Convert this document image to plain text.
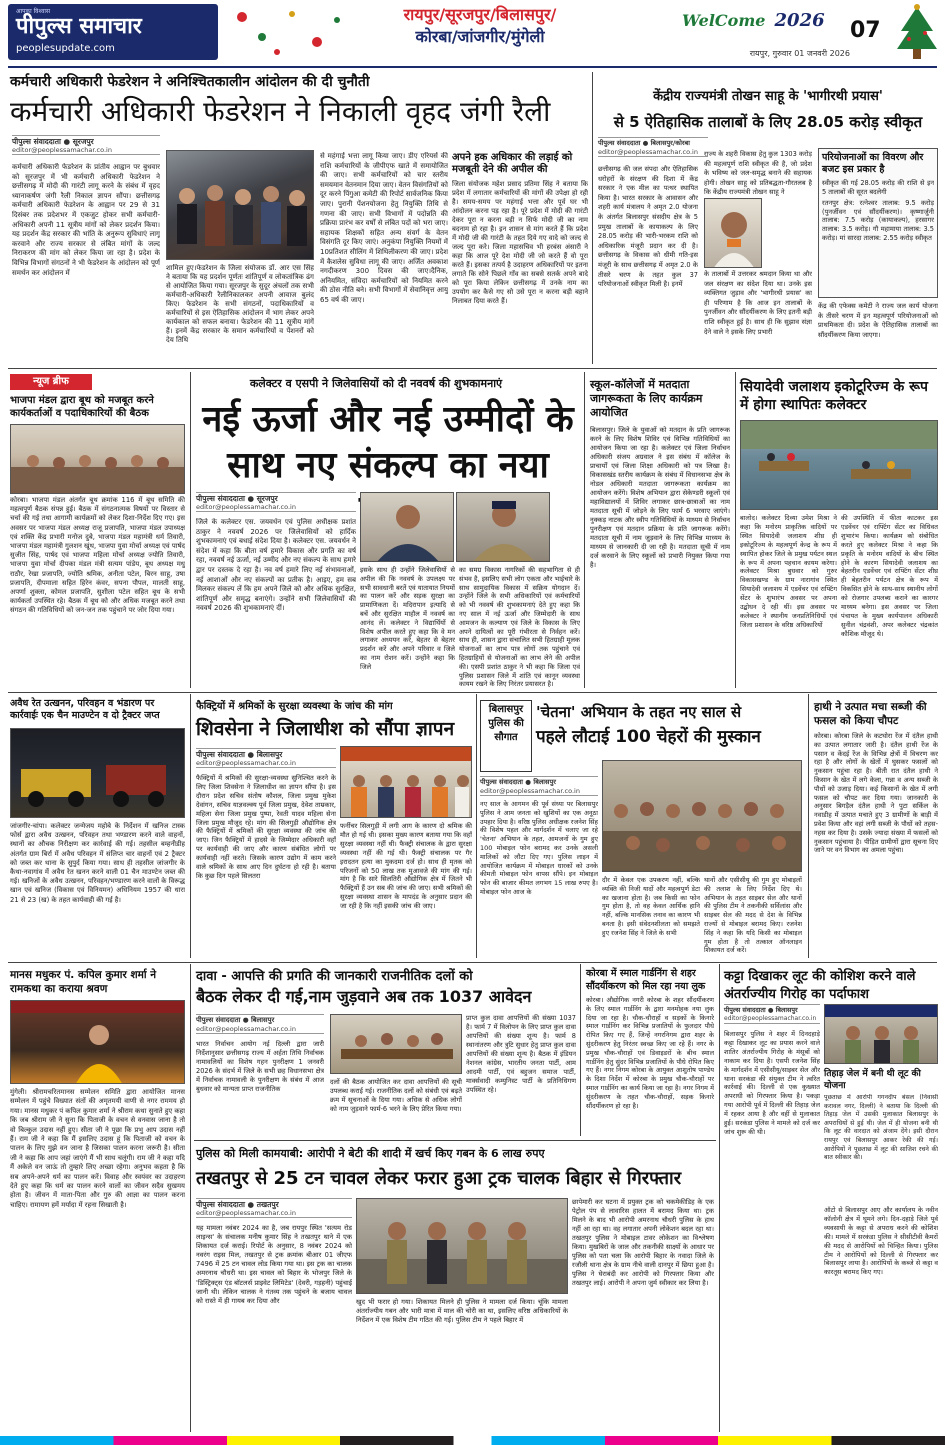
आपका विश्वास
पीपुल्स समाचार
peoplesupdate.com
रायपुर/सूरजपुर/बिलासपुर/
कोरबा/जांजगीर/मुंगेली
रायपुर, गुरुवार 01 जनवरी 2026
WelCome 2026	07
कर्मचारी अधिकारी फेडरेशन ने अनिश्चितकालीन आंदोलन की दी चुनौती
कर्मचारी अधिकारी फेडरेशन ने निकाली वृहद जंगी रैली
पीपुल्स संवाददाता ● सूरजपुर
editor@peoplessamachar.co.in
कर्मचारी अधिकारी फेडरेशन के प्रांतीय आह्वान पर बुधवार को सूरजपुर में भी कर्मचारी अधिकारी फेडरेशन ने छत्तीसगढ़ में मोदी की गारंटी लागू करने के संबंध में वृहद ध्यानाकर्षण जंगी रैली निकाल ज्ञापन सौंपा। छत्तीसगढ़ कर्मचारी अधिकारी फेडरेशन के आह्वान पर 29 से 31 दिसंबर तक प्रदेशभर में एकजुट होकर सभी कर्मचारी-अधिकारी अपनी 11 सूत्रीय मांगों को लेकर प्रदर्शन किया। यह प्रदर्शन केंद्र सरकार की भांति के अनुरूप सुविधाएं लागू करवाने और राज्य सरकार से लंबित मांगों के जल्द निराकरण की मांग को लेकर किया जा रहा है। प्रदेश के विभिन्न विभागों संगठनों ने भी फेडरेशन के आंदोलन को पूर्ण समर्थन कर आंदोलन में
शामिल हुए।फेडरेशन के जिला संयोजक डॉ. आर एस सिंह ने बताया कि यह प्रदर्शन पूर्णतः शांतिपूर्ण व लोकतांत्रिक ढंग से आयोजित किया गया। सूरजपुर के सुदूर अंचलों तक सभी कर्मचारी-अधिकारी रैलीनिकालकर अपनी आवाज बुलंद किए। फेडरेशन के सभी संगठनों, पदाधिकारियों व कर्मचारियों से इस ऐतिहासिक आंदोलन में भाग लेकर अपने कार्यकाल को सफल बनाया। फेडरेशन की 11 सूत्रीय मांगें हैं। इनमें केंद्र सरकार के समान कर्मचारियों व पेंशनरों को देय तिथि
से महंगाई भत्ता लागू किया जाए। डीए एरियर्स की राशि कर्मचारियों के जीपीएफ खाते में समायोजित की जाए। सभी कर्मचारियों को चार स्तरीय समयमान वेतनमान दिया जाए। वेतन विसंगतियों को दूर करने पिंगुआ कमेटी की रिपोर्ट सार्वजनिक किया जाए। पुरानी पेंशनयोजना हेतु नियुक्ति तिथि से गणना की जाए। सभी विभागों में पदोन्नति की प्रक्रिया प्रारंभ कर वर्षों से लंबित पदों को भरा जाए। सहायक शिक्षकों सहित अन्य संवर्ग के वेतन विसंगति दूर किए जाएं। अनुकंपा नियुक्ति नियमों में 10प्रतिशत सीलिंग में शिथिलीकरण की जाए। प्रदेश में कैशलेस सुविधा लागू की जाए। अर्जित अवकाश नगदीकरण 300 दिवस की जाए।दैनिक, अनियमित, संविदा कर्मचारियों को नियमित करने की ठोस नीति बने। सभी विभागों में सेवानिवृत्त आयु 65 वर्ष की जाए।
अपने हक अधिकार की लड़ाई को मजबूती देने की अपील की
जिला संयोजक महेश प्रसाद प्रतिमा सिंह ने बताया कि प्रदेश में लगातार कर्मचारियों की मांगों की उपेक्षा हो रही है। समय-समय पर महंगाई भत्ता और पूर्व घर भी आंदोलन करना पड़ रहा है। पूरे प्रदेश में मोदी की गारंटी देकर पूरा न करना बड़ी न सिर्फ मोदी जी का नाम बदनाम हो रहा है। इन शासन से मांग करते हैं कि प्रदेश में मोदी जी की गारंटी के तहत दिये गए वादे को जल्द से जल्द पूरा करे। जिला महासचिव भी हरबंस अंसारी ने कहा कि आज पूरे देश मोदी जी जो करते हैं वो पूरा करते हैं। इसका तत्पर्य है उदाहरण अधिकारियों पर इतना लगाते कि सोने पिछले गाँव का सबसे सतर्क अपने बादे को पूरा किया लेकिन छत्तीसगढ़ में उनके नाम का उपयोग कर कैसे गए सो उसे पूरा न करना बड़ी बहाने निलाबत दिया करते हैं।
केंद्रीय राज्यमंत्री तोखन साहू के 'भागीरथी प्रयास'
से 5 ऐतिहासिक तालाबों के लिए 28.05 करोड़ स्वीकृत
पीपुल्स संवाददाता ● बिलासपुर/कोरबा
editor@peoplessamachar.co.in
छत्तीसगढ़ की जल संपदा और ऐतिहासिक धरोहरों के संरक्षण की दिशा में केंद्र सरकार ने एक मील का पत्थर स्थापित किया है। भारत सरकार के आवासन और शहरी कार्य मंत्रालय ने अमृत 2.0 योजना के अंतर्गत बिलासपुर संसदीय क्षेत्र के 5 प्रमुख तालाबों के कायाकल्प के लिए 28.05 करोड़ की भारी-भरकम राशि को अधिकारिक मंजूरी प्रदान कर दी है।छत्तीसगढ़ के विकास को धीमी गति-इस मंजूरी के साथ छत्तीसगढ़ में अमृत 2.0 के तीसरे चरण के तहत कुल 37 परियोजनाओं स्वीकृत मिली है। इनमें
राज्य के शहरी विकास हेतु कुल 1303 करोड़ की महत्वपूर्ण राशि स्वीकृत की है, जो प्रदेश के भविष्य को जल-समृद्ध बनाने की सहायक होगी। तोखन साहू को प्रतिबद्धता-गौरतलब है कि केंद्रीय राज्यमंत्री तोखन साहू ने
के तालाबों में उत्तरकर श्रमदान किया था और जल संरक्षण का संदेश दिया था। उनके इस व्यक्तिगत जुड़ाव और 'भागीरथी प्रयास' का ही परिणाम है कि आज इन तालाबों के पुनर्जीवन और सौंदर्यीकरण के लिए इतनी बड़ी राशि स्वीकृत हुई है। साथ ही कि सुझाव संज्ञा देने वाले ने इसके लिए प्रभारी
परियोजनाओं का विवरण और बजट इस प्रकार है
स्वीकृत की गई 28.05 करोड़ की राशि से इन 5 तालाबों की सूरत बदलेगी
रतनपुर क्षेत्र: रत्नेश्वर तालाब: 9.5 करोड़ (पुनर्जीवन एवं सौंदर्यीकरण)। कृष्णार्जुनी तालाब: 7.5 करोड़ (कायाकल्प), हरसागर तालाब: 3.5 करोड़। गौ महामाया तालाब: 3.5 करोड़। मां सारदा तालाब: 2.55 करोड़ स्वीकृत
केंद्र की एफेक्स कमेटी ने राज्य जल कार्य योजना के तीसरे चरण में इन महत्वपूर्ण परियोजनाओं को प्राथमिकता दी। प्रदेश के ऐतिहासिक तालाबों का सौंदर्यीकरण किया जाएगा।
न्यूज ब्रीफ
भाजपा मंडल द्वारा बूथ को मजबूत करने कार्यकर्ताओं व पदाधिकारियों की बैठक
कोरबा। भाजपा मंडल अंतर्गत बूथ क्रमांक 116 में बूथ समिति की महत्वपूर्ण बैठक संपन्न हुई। बैठक में संगठनात्मक विषयों पर विस्तार से चर्चा की गई तथा आगामी कार्यक्रमों को लेकर दिशा-निर्देश दिए गए। इस अवसर पर भाजपा मंडल अध्यक्ष राजू प्रजापति, भाजपा मंडल उपाध्यक्ष एवं शक्ति केंद्र प्रभारी मनोज दुबे, भाजपा मंडल महामंत्री धर्म तिवारी, भाजपा मंडल महामंत्री गुलशन खूंथ, भाजपा युवा मोर्चा अध्यक्ष एवं पार्षद सुजीत सिंह, पार्षद एवं भाजपा महिला मोर्चा अध्यक्ष ज्योति तिवारी, भाजपा युवा मोर्चा दीपका मंडल मंत्री सत्यम पांडेय, बूथ अध्यक्ष मधु राठौर, रेखा प्रजापति, ज्योति श्रमिक, अनीता पटेल, बिरन साहू, उषा प्रजापति, दीपमाला सहित हिरेन कंवर, सपना पौपल, मालती साहू, अपर्णा शुक्ला, कोमल प्रजापति, सुशीला पटेल सहित बूथ के सभी कार्यकर्ता उपस्थित रहे। बैठक में बूथ को और अधिक मजबूत करने तथा संगठन की गतिविधियों को जन-जन तक पहुंचाने पर जोर दिया गया।
कलेक्टर व एसपी ने जिलेवासियों को दी नववर्ष की शुभकामनाएं
नई ऊर्जा और नई उम्मीदों के
साथ नए संकल्प का नया
पीपुल्स संवाददाता ● सूरजपुर
editor@peoplessamachar.co.in
जिले के कलेक्टर एस. जयवर्धन एवं पुलिस अधीक्षक प्रशांत ठाकुर ने नववर्ष 2026 पर जिलेवासियों को हार्दिक शुभकामनाएं एवं बधाई संदेश दिया है। कलेक्टर एस. जयवर्धन ने संदेश में कहा कि बीता वर्ष हमारे विकास और प्रगति का वर्ष रहा, नववर्ष नई ऊर्जा, नई उम्मीद और नए संकल्प के साथ हमारे द्वार पर दस्तक दे रहा है। नव वर्ष हमारे लिए नई संभावनाओं, नई आशाओं और नए संकल्पों का प्रतीक है। आइए, हम सब मिलकर संकल्प लें कि हम अपने जिले को और अधिक सुरक्षित, शांतिपूर्ण और समृद्ध बनाएंगे। उन्होंने सभी जिलेवासियों की नववर्ष 2026 की शुभकामनाएं दीं।
इसके साथ ही उन्होंने जिलेवासियों से अपील की कि नववर्ष के उपलक्ष्य पर सभी सावधानी बरतें एवं यातायात नियमों का पालन करें और सड़क सुरक्षा का प्रामाणिकता दें। मदिरापान इत्यादि से बचें और सुरक्षित माहौल में नववर्ष का आनंद लें। कलेक्टर ने विद्यार्थियों से विशेष अपील करते हुए कहा कि वे मन लगाकर अध्ययन करें, बेहतर से बेहतर प्रदर्शन करें और अपने परिवार व जिले का नाम रोशन करें। उन्होंने कहा कि जिले
का समग्र विकास नागरिकों की सहभागिता से ही संभव है, इसलिए सभी लोग एकता और भाईचारे के साथ सामुदायिक विकास में सक्रिय योगदान दें।उन्होंने जिले के सभी अधिकारियों एवं कर्मचारियों को भी नववर्ष की शुभकामनाएं देते हुए कहा कि नए साल में नई ऊर्जा और जिम्मेदारी के साथ आमजन के कल्याण एवं जिले के विकास के लिए अपने दायित्वों का पूरी गंभीरता से निर्वहन करें। साथ ही, शासन द्वारा संचालित सभी हितग्राही मूलक योजनाओं का लाभ पात्र लोगों तक पहुंचाने एवं हितग्राहियों से योजनाओं का लाभ लेने की अपील की। एसपी प्रशांत ठाकुर ने भी कहा कि जिला एवं पुलिस प्रशासन जिले में शांति एवं कानून व्यवस्था कायम रखने के लिए निरंतर प्रयासरत है।
स्कूल-कॉलेजों में मतदाता जागरूकता के लिए कार्यक्रम आयोजित
बिलासपुर। जिले के युवाओं को मतदान के प्रति जागरूक करने के लिए विशेष शिविर एवं विभिन्न गतिविधियों का आयोजन किया जा रहा है। कलेक्टर एवं जिला निर्वाचन अधिकारी संजय अग्रवाल ने इस संबंध में कॉलेज के प्राचार्यों एवं जिला शिक्षा अधिकारी को पत्र लिखा है। विकासखंड स्तरीय कार्यक्रम के संबंध में विधानसभा क्षेत्र के नोडल अधिकारी मतदाता जागरूकता कार्यक्रम का आयोजन करेंगे। विशेष अभियान द्वारा सेकेण्डरी स्कूलों एवं महाविद्यालयों में शिविर लगाकर छात्र-छात्राओं का नाम मतदाता सूची में जोड़ने के लिए फार्म 6 भरवाए जाएंगे। नुक्कड़ नाटक और स्वीप गतिविधियों के माध्यम से निर्वाचन पुनरीक्षण एवं मतदान प्रक्रिया के प्रति जागरूक करेंगे। मतदाता सूची में नाम जुड़वाने के लिए विभिन्न माध्यम के माध्यम से जानकारी दी जा रही है। मतदाता सूची में नाम दर्ज करवाने के लिए स्कूलों को प्रभारी नियुक्त किया गया है।
सियादेवी जलाशय इकोटूरिज्म के रूप में होगा स्थापितः कलेक्टर
बालोद। कलेक्टर दिव्या उमेश मिश्रा ने कहा कि मनोरम प्राकृतिक वादियों पर स्थित सियादेवी जलाशय शीघ्र ही इकोटूरिज्म के महत्वपूर्ण केन्द्र के रूप में स्थापित होकर जिले के प्रमुख पर्यटन स्थल के रूप में अपना पहचान कायम करेगा। कलेक्टर मिश्रा बुधवार को गुरुर विकासखण्ड के ग्राम नारागांव स्थित सियादेवी जलाशय में एडवेंचर एवं राफ्टिंग सेंटर के शुभारंभ अवसर पर अपना उद्बोधन दे रही थीं। इस अवसर पर कलेक्टर ने स्थानीय जनप्रतिनिधियों एवं जिला प्रशासन के वरिष्ठ अधिकारियों
की उपस्थिति में फीता काटकर इस एडवेंचर एवं राफ्टिंग सेंटर का विधिवत शुभारंभ किया। कार्यक्रम को संबोधित करते हुए कलेक्टर मिश्रा ने कहा कि प्रकृति के मनोरम वादियों के बीच स्थित होने के कारण सियादेवी जलाशय का बेहतरीन एडवेंचर एवं राफ्टिंग सेंटर शीघ्र ही बेहतरीन पर्यटन क्षेत्र के रूप में विकसित होने के साथ-साथ स्थानीय लोगों को रोजगार उपलब्ध कराने का कारगर माध्यम बनेगा। इस अवसर पर जिला पंचायत के मुख्य कार्यपालन अधिकारी सुनील चंद्रवंशी, अपर कलेक्टर चंद्रकांत कौशिक मौजूद थे।
अवैध रेत उत्खनन, परिवहन व भंडारण पर कार्रवाईः एक चैन माउण्टेन व दो ट्रैक्टर जप्त
जांजगीर-चांपा। कलेक्टर जन्मेजय महोबे के निर्देशन में खनिज टास्क फोर्स द्वारा अवैध उत्खनन, परिवहन तथा भण्डारण करने वाले वाहनों, स्थानों का औचक निरीक्षण कर कार्रवाई की गई। तहसील बम्हनीडीह अंतर्गत ग्राम बिर्रा में अवैध परिवहन में संलिप्त चार वाहनों एवं 2 ट्रैक्टर को जब्त कर थाना के सुपुर्द किया गया। साथ ही तहसील जांजगीर के कैथा-नवागांव में अवैध रेत खनन करने वाली 01 चैन माउण्टेन जब्त की गई। खनिजों के अवैध उत्खनन, परिवहन/भण्डारण करने वालों के विरूद्ध खान एवं खनिज (विकास एवं विनियमन) अधिनियम 1957 की धारा 21 से 23 (ख) के तहत कार्यवाही की गई है।
फैक्ट्रियों में श्रमिकों के सुरक्षा व्यवस्था के जांच की मांग
शिवसेना ने जिलाधीश को सौंपा ज्ञापन
पीपुल्स संवाददाता ● बिलासपुर
editor@peoplessamachar.co.in
फैक्ट्रियों में श्रमिकों की सुरक्षा-व्यवस्था सुनिश्चित करने के लिए जिला शिवसेना ने जिलाधीश का ज्ञापन सौंपा है। इस दौरान प्रदेश सचिव संतोष कौशल, जिला प्रमुख मुकेश देवांगन, सचिव याज्ञवल्क्य पूर्व जिला प्रमुख, देवेश ताम्रकार, महिला सेना जिला प्रमुख पुष्पा, रेवती यादव महिला सेना जिला प्रमुख मौजूद रहे। मांग की सिलगुड़ी औद्योगिक क्षेत्र की फैक्ट्रियों में श्रमिकों की सुरक्षा व्यवस्था की जांच की जाए। जिन फैक्ट्रियों में हादसे के जिम्मेदार अधिकारी वहाँ पर कार्यवाही की जाए और कारण संबंधित लोगों पर कार्यवाही नहीं करते। जिसके कारण उद्योग में काम करने वाले श्रमिकों के साथ आए दिन दुर्घटना हो रही है। बताया कि कुछ दिन पहले सिलतरा
फर्नीचर सिलगुड़ी में लगी आग के कारण दो श्रमिक की मौत हो गई थी। इसका मुख्य कारण बताया गया कि वहाँ सुरक्षा व्यवस्था नहीं थी। फैक्ट्री संचालक के द्वारा सुरक्षा व्यवस्था नहीं की गई थी। फैक्ट्री संचालक पर गैर इरादतन हत्या का मुकदमा दर्ज हो। साथ ही मृतक को परिजनों को 50 लाख तक मुआवजे की मांग की गई। मांग है कि सारे सिलतिरी औद्योगिक क्षेत्र में जितने भी फैक्ट्रियों हैं उन सब की जांच की जाए। सभी श्रमिकों की सुरक्षा व्यवस्था शासन के मापदंड के अनुसार प्रदान की जा रही है कि नहीं इसकी जांच की जाए।
बिलासपुर पुलिस की सौगात
'चेतना' अभियान के तहत नए साल से
पहले लौटाई 100 चेहरों की मुस्कान
पीपुल्स संवाददाता ● बिलासपुर
editor@peoplessamachar.co.in
नए साल के आगमन की पूर्व संध्या पर बिलासपुर पुलिस ने आम जनता को खुशियों का एक अनूठा उपहार दिया है। वरिष्ठ पुलिस अधीक्षक रजनेश सिंह की विशेष पहल और मार्गदर्शन में चलाए जा रहे 'चेतना' अभियान के तहत, आमजनों के गुम हुए 100 मोबाइल फोन बरामद कर उनके असली मालिकों को लौटा दिए गए। पुलिस लाइन में आयोजित कार्यक्रम में मोबाइल धारकों को उनके कीमती मोबाइल फोन वापस सौंपे। इन मोबाइल फोन की बाजार कीमत लगभग 15 लाख रुपए है। मोबाइल फोन आज के
दौर में केवल एक उपकरण नहीं, बल्कि व्यक्ति की निजी यादों और महत्वपूर्ण डेटा का खजाना होता है। जब किसी का फोन गुम होता है, तो वह केवल आर्थिक हानि नहीं, बल्कि मानसिक तनाव का कारण भी बनता है। इसी संवेदनशीलता को समझते हुए रजनेश सिंह ने जिले के सभी
थानों और एसीसीयू की गुम हुए मोबाइलों की तलाश के लिए निर्देश दिए थे। अभियान के तहत साइबर सेल और थानों की पुलिस टीम ने तकनीकी सर्विलांस और साइबर सेल की मदद से देश के विभिन्न राज्यों से मोबाइल बरामद किए। रजनेश सिंह ने कहा कि यदि किसी का मोबाइल गुम होता है तो तत्काल ऑनलाइन शिकायत दर्ज करें।
हाथी ने उत्पात मचा सब्जी की फसल को किया चौपट
कोरबा। कोरबा जिले के कटघोरा रेंज में दंतैल हाथी का उत्पात लगातार जारी है। दंतैल हाथी रेंज के पसान व केंदई रेंज के विभिन्न क्षेत्रों में विचरण कर रहा है और लोगों के खेतों में घुसकर फसलों को नुकसान पहुंचा रहा है। बीती रात दंतैल हाथी ने किसान के खेत में लगे केला, गन्ना व अन्य सब्जी के पौधों को उजाड़ दिया। कई किसानों के खेत में लगी फसल को चौपट कर दिया गया। जानकारी के अनुसार बिगड़ैल दंतैल हाथी ने पुटा सर्किल के नवाडीह में उत्पात मचाते हुए 3 ग्रामीणों के बाड़ी में प्रवेश किया और वहां लगी सब्जी के पौधों को तहस-नहस कर दिया है। उसके ज्यादा संख्या में फसलों को नुकसान पहुंचाया है। पीड़ित ग्रामीणों द्वारा सूचना दिए जाने पर वन विभाग का अमला पहुंचा।
मानस मधुकर पं. कपिल कुमार शर्मा ने रामकथा का कराया श्रवण
मुंगेली। श्रीरामचरितमानस सम्मेलन समिति द्वारा आयोजित मानस सम्मेलन में पहुंचे विख्यात संतों की अमृतमयी वाणी से नगर राममय हो गया। मानस मधुकर पं कपिल कुमार शर्मा ने श्रीराम कथा सुनाते हुए कहा कि जब श्रीराम जी ने सुना कि पिताजी के वचन से वनवास जाना है तो वो बिल्कुल उदास नहीं हुए। सीता जी ने पूछा कि प्रभु आप उदास नहीं हैं। राम जी ने कहा कि मैं इसलिए उदास हूं कि पिताजी को वचन के पालन के लिए मुझे वन जाना है जिसका पालन करना जरूरी है। सीता जी ने कहा कि आप जहां जाएंगे मैं भी साथ चलूंगी। राम जी ने कहा यदि मैं अकेले वन जाऊं तो तुम्हारे लिए अच्छा रहेगा। अनुभव कहता है कि सब अपने-अपने धर्म का पालन करें। विवाह और स्वयंवर का उदाहरण देते हुए कहा कि धर्म का पालन करने वालों का जीवन सदैव सुखमय होता है। जीवन में माता-पिता और गुरु की आज्ञा का पालन करना चाहिए। रामायण हमें मर्यादा में रहना सिखाती है।
दावा - आपत्ति की प्रगति की जानकारी राजनीतिक दलों को
बैठक लेकर दी गई,नाम जुड़वाने अब तक 1037 आवेदन
पीपुल्स संवाददाता ● बिलासपुर
editor@peoplessamachar.co.in
भारत निर्वाचन आयोग नई दिल्ली द्वारा जारी निर्देशानुसार छत्तीसगढ़ राज्य में अर्हता तिथि निर्वाचक नामावलियों का विशेष गहन पुनरीक्षण 1 जनवरी 2026 के संदर्भ में जिले के सभी छह विधानसभा क्षेत्र में निर्वाचक नामावली के पुनरीक्षण के संबंध में आज बुधवार को मान्यता प्राप्त राजनीतिक
दलों की बैठक आयोजित कर दावा आपत्तियों की सूची उपलब्ध कराई गई। राजनीतिक दलों को संबंधी एवं बढ़ते क्रम में सूचनाओं के दिया गया। अधिक से अधिक लोगों को नाम जुड़वाने फार्म-6 भरने के लिए प्रेरित किया गया।
प्राप्त कुल दावा आपत्तियों की संख्या 1037 है। फार्म 7 में विलोपन के लिए प्राप्त कुल दावा आपत्तियों की संख्या शून्य है। फार्म 8 स्थानांतरण और त्रुटि सुधार हेतु प्राप्त कुल दावा आपत्तियों की संख्या शून्य है। बैठक में इंडियन नेशनल कांग्रेस, भारतीय जनता पार्टी, आम आदमी पार्टी, एवं बहुजन समाज पार्टी, मार्क्सवादी कम्युनिस्ट पार्टी के प्रतिनिधिगण उपस्थित रहे।
कोरबा में स्माल गार्डनिंग से शहर सौंदर्यीकरण को मिल रहा नया लुक
कोरबा। औद्योगिक नगरी कोरबा के शहर सौंदर्यीकरण के लिए स्माल गार्डनिंग के द्वारा मनमोहक नया लुक दिया जा रहा है। चौक-चौराहों व सड़कों के किनारे स्माल गार्डनिंग कर विभिन्न प्रजातियों के फुलदार पौधे रोपित किए गए हैं, जिन्हें नगरनिगम द्वारा शहर के सुंदरीकरण हेतु निरंतर स्वच्छ किए जा रहे हैं। नगर के प्रमुख चौक-चौराहों एवं डिवाइडरों के बीच स्माल गार्डनिंग हेतु सुंदर विभिन्न प्रजातियों के पौधे रोपित किए गए हैं। नगर निगम कोरबा के आयुक्त आशुतोष पाण्डेय के दिशा निर्देश में कोरबा के प्रमुख चौक-चौराहों पर स्माल गार्डनिंग का कार्य किया जा रहा है। नगर निगम में सुंदरीकरण के तहत चौक-चौराहों, सड़क किनारे सौंदर्यीकरण हो रहा है।
कट्टा दिखाकर लूट की कोशिश करने वाले अंतर्राज्यीय गिरोह का पर्दाफाश
पीपुल्स संवाददाता ● बिलासपुर
editor@peoplessamachar.co.in
बिलासपुर पुलिस ने शहर में दिनदहाड़े कट्टा दिखाकर लूट का प्रयास करने वाले शातिर अंतर्राज्यीय गिरोह के मंसूबों को नाकाम कर दिया है। एसपी रजनेश सिंह के मार्गदर्शन में एसीसीयू/साइबर सेल और थाना सरकंडा की संयुक्त टीम ने त्वरित कार्रवाई की। दिल्ली से एक कुख्यात अपराधी को गिरफ्तार किया है। पकड़ा गया आरोपी पूर्व में दिल्ली की तिहाड़ जेल में रहकर आया है और वहीं से मुलाकात हुई। सरकंडा पुलिस ने मामले को दर्ज कर जांच शुरू की थी।
तिहाड़ जेल में बनी थी लूट की योजना
पूछताछ में आरोपी गगनदीप बंसल (निवासी करावल नगर, दिल्ली) ने बताया कि दिल्ली की तिहाड़ जेल में उसकी मुलाकात बिलासपुर के अपराधियों से हुई थी। जेल में ही योजना बनी थी कि लूट की वारदात को अंजाम देंगे। इसी दौरान रायपुर एवं बिलासपुर आकर रेकी की गई। आरोपियों ने पूछताछ में लूट की साजिश रचने की बात स्वीकार की।
ऑटो से बिलासपुर आए और कार्यालय के नवीन कॉलोनी क्षेत्र में घूमने लगे। दिन-दहाड़े जिले पूर्व व्यवसायी के कट्टा से अपराध करने की कोशिश की। मामले में सरकंडा पुलिस ने सीसीटीवी कैमरों की मदद से आरोपियों को चिन्हित किया। पुलिस टीम ने आरोपियों को दिल्ली से गिरफ्तार कर बिलासपुर लाया है। आरोपियों के कब्जे से कट्टा व कारतूस बरामद किए गए।
पुलिस को मिली कामयाबी: आरोपी ने बेटी की शादी में खर्च किए गबन के 6 लाख रुपए
तखतपुर से 25 टन चावल लेकर फरार हुआ ट्रक चालक बिहार से गिरफ्तार
पीपुल्स संवाददाता ● तखतपुर
editor@peoplessamachar.co.in
यह मामला नवंबर 2024 का है, जब रायपुर स्थित 'सत्यम रोड लाइन्स' के संचालक मनीष कुमार सिंह ने तखतपुर थाने में एक शिकायत दर्ज कराई। रिपोर्ट के अनुसार, 8 नवंबर 2024 को नवरंग राइस मिल, तखतपुर से ट्रक क्रमांक बीआर 01 जीएफ 7496 में 25 टन चावल लोड किया गया था। इस ट्रक का चालक अमरनाथ चौधरी था। इस चावल को बिहार के भोजपुर जिले के 'डिस्ट्रिक्ट्स एंड बॉटलर्स प्राइवेट लिमिटेड' (देवरी, गड़हनी) पहुंचाई जानी थी। लेकिन चालक ने गंतव्य तक पहुंचने के बजाय चावल को रास्ते में ही गायब कर दिया और	खुद भी फरार हो गया। शिकायत मिलने ही पुलिस ने मामला दर्ज किया। चूंकि मामला अंतर्राज्यीय गबन और भारी मात्रा में माल की चोरी का था, इसलिए वरिष्ठ अधिकारियों के निर्देशन में एक विशेष टीम गठित की गई। पुलिस टीम ने पहले बिहार में
छापेमारी कर घटना में प्रयुक्त ट्रक को चकमेकीडिह के एक पेट्रोल पंप से लावारिस हालत में बरामद किया था। ट्रक मिलने के बाद भी आरोपी अमरनाथ चौधरी पुलिस के हाथ नहीं आ रहा था। वह लगातार अपनी लोकेशन बदल रहा था। तखतपुर पुलिस ने मोबाइल टावर लोकेशन का विश्लेषण किया। मुखबिरों के जाल और तकनीकी साक्ष्यों के आधार पर पुलिस को पता चला कि आरोपी बिहार के नवादा जिले के रजौली थाना क्षेत्र के ग्राम नीचे वाली दानपुर में छिपा हुआ है। पुलिस ने घेराबंदी कर आरोपी को गिरफ्तार किया और तखतपुर लाई। आरोपी ने अपना जुर्म स्वीकार कर लिया है।
